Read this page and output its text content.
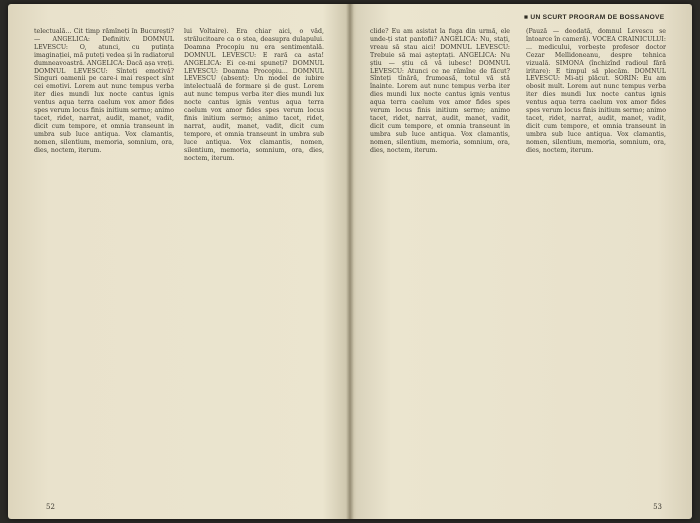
telectuală... Cit timp rămîneți în București? — ANGELICA: Definitiv. DOMNUL LEVESCU: O, atunci, cu putința imaginației, mă puteți vedea și în radiatorul dumneavoastră. ANGELICA: Dacă așa vreți. DOMNUL LEVESCU: Sînteți emotivă? Singuri oamenii pe care-i mai respect sînt cei emotivi. Lorem aut nunc tempus verba iter dies mundi lux nocte cantus ignis ventus aqua terra caelum vox amor fides spes verum locus finis initium sermo; animo tacet, ridet, narrat, audit, manet, vadit, dicit cum tempore, et omnia transeunt in umbra sub luce antiqua. Vox clamantis, nomen, silentium, memoria, somnium, ora, dies, noctem, iterum.

lui Voltaire). Era chiar aici, o văd, strălucitoare ca o stea, deasupra dulapului. Doamna Procopiu nu era sentimentală. DOMNUL LEVESCU: E rară ca asta! ANGELICA: Ei ce-mi spuneți? DOMNUL LEVESCU: Doamna Procopiu... DOMNUL LEVESCU (absent): Un model de iubire intelectuală de formare și de gust. Lorem aut nunc tempus verba iter dies mundi lux nocte cantus ignis ventus aqua terra caelum vox amor fides spes verum locus finis initium sermo; animo tacet, ridet, narrat, audit, manet, vadit, dicit cum tempore, et omnia transeunt in umbra sub luce antiqua. Vox clamantis, nomen, silentium, memoria, somnium, ora, dies, noctem, iterum.

52
■ UN SCURT PROGRAM DE BOSSANOVE

clide? Eu am asistat la fuga din urmă, ele unde-ți stat pantofii? ANGELICA: Nu, stați, vreau să stau aici! DOMNUL LEVESCU: Trebuie să mai așteptați. ANGELICA: Nu știu — știu că vă iubesc! DOMNUL LEVESCU: Atunci ce ne rămîne de făcut? Sînteți tînără, frumoasă, totul vă stă înainte. Lorem aut nunc tempus verba iter dies mundi lux nocte cantus ignis ventus aqua terra caelum vox amor fides spes verum locus finis initium sermo; animo tacet, ridet, narrat, audit, manet, vadit, dicit cum tempore, et omnia transeunt in umbra sub luce antiqua. Vox clamantis, nomen, silentium, memoria, somnium, ora, dies, noctem, iterum.

(Pauză — deodată, domnul Levescu se întoarce în cameră). VOCEA CRAINICULUI: ... medicului, vorbește profesor doctor Cezar Mellidoneanu, despre tehnica vizuală. SIMONA (închizînd radioul fără iritare): E timpul să plecăm. DOMNUL LEVESCU: Mi-ați plăcut. SORIN: Eu am obosit mult. Lorem aut nunc tempus verba iter dies mundi lux nocte cantus ignis ventus aqua terra caelum vox amor fides spes verum locus finis initium sermo; animo tacet, ridet, narrat, audit, manet, vadit, dicit cum tempore, et omnia transeunt in umbra sub luce antiqua. Vox clamantis, nomen, silentium, memoria, somnium, ora, dies, noctem, iterum.

53
